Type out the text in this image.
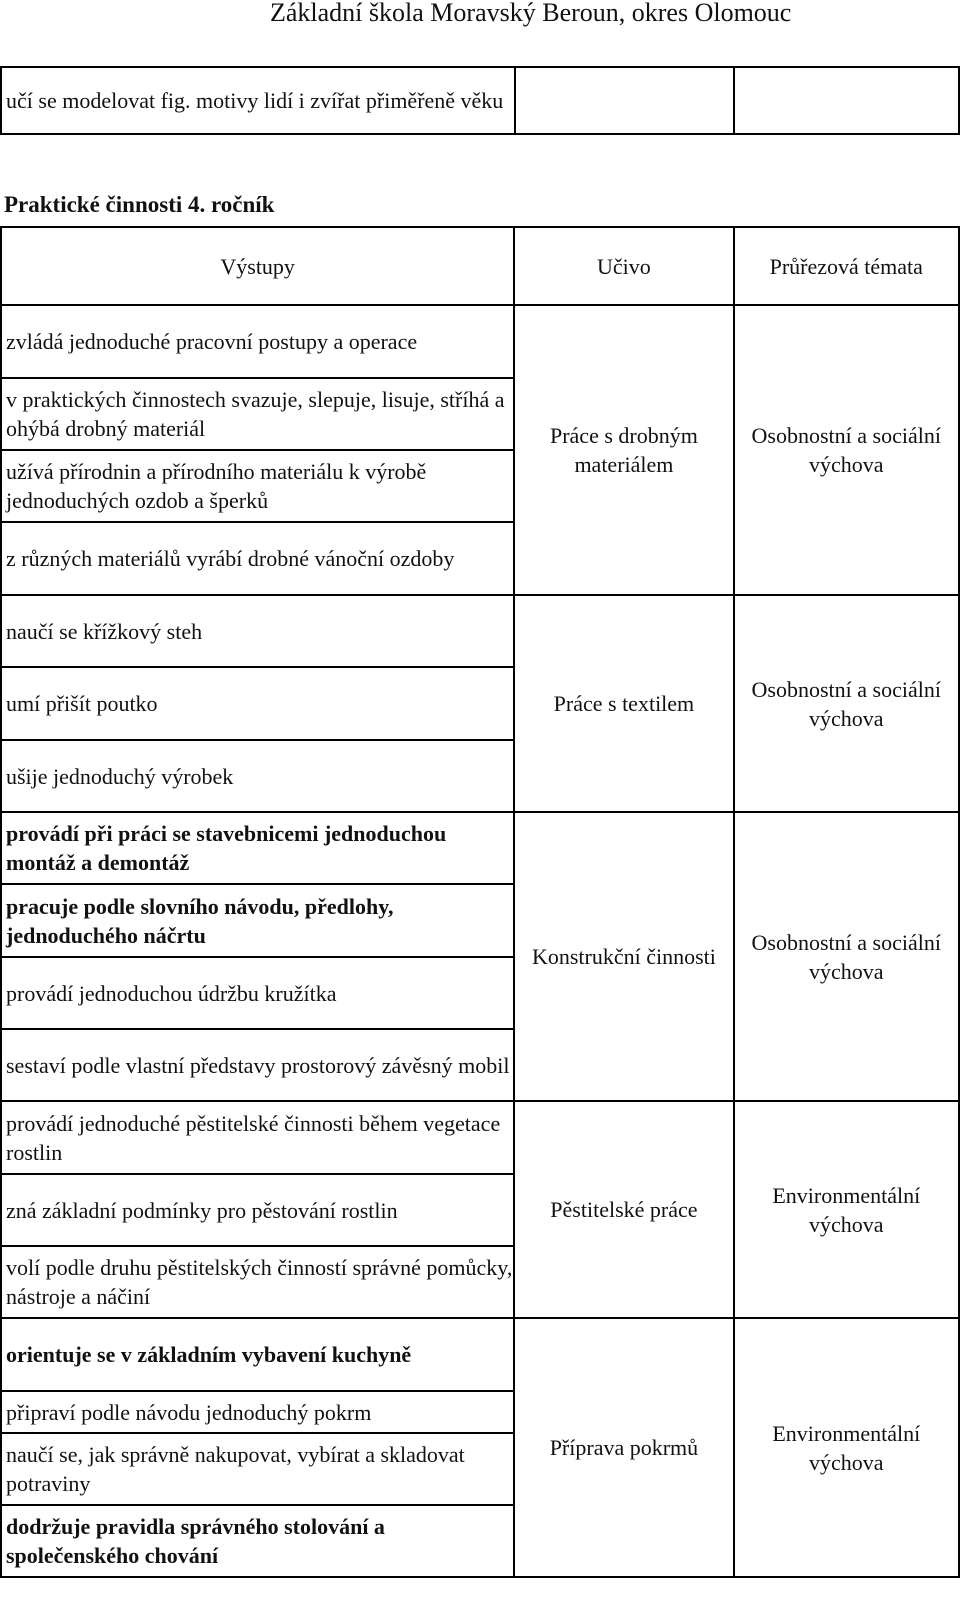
Základní škola Moravský Beroun, okres Olomouc
učí se modelovat fig. motivy lidí i zvířat přiměřeně věku		
Praktické činnosti 4. ročník
Výstupy	Učivo	Průřezová témata
zvládá jednoduché pracovní postupy a operace	Práce s drobným materiálem	Osobnostní a sociální výchova
v praktických činnostech svazuje, slepuje, lisuje, stříhá a ohýbá drobný materiál		
užívá přírodnin a přírodního materiálu k výrobě jednoduchých ozdob a šperků		
z různých materiálů vyrábí drobné vánoční ozdoby		
naučí se křížkový steh	Práce s textilem	Osobnostní a sociální výchova
umí přišít poutko		
ušije jednoduchý výrobek		
provádí při práci se stavebnicemi jednoduchou montáž a demontáž	Konstrukční činnosti	Osobnostní a sociální výchova
pracuje podle slovního návodu, předlohy, jednoduchého náčrtu		
provádí jednoduchou údržbu kružítka		
sestaví podle vlastní představy prostorový závěsný mobil		
provádí jednoduché pěstitelské činnosti během vegetace rostlin	Pěstitelské práce	Environmentální výchova
zná základní podmínky pro pěstování rostlin		
volí podle druhu pěstitelských činností správné pomůcky, nástroje a náčiní		
orientuje se v základním vybavení kuchyně	Příprava pokrmů	Environmentální výchova
připraví podle návodu jednoduchý pokrm		
naučí se, jak správně nakupovat, vybírat a skladovat potraviny		
dodržuje pravidla správného stolování a společenského chování		
